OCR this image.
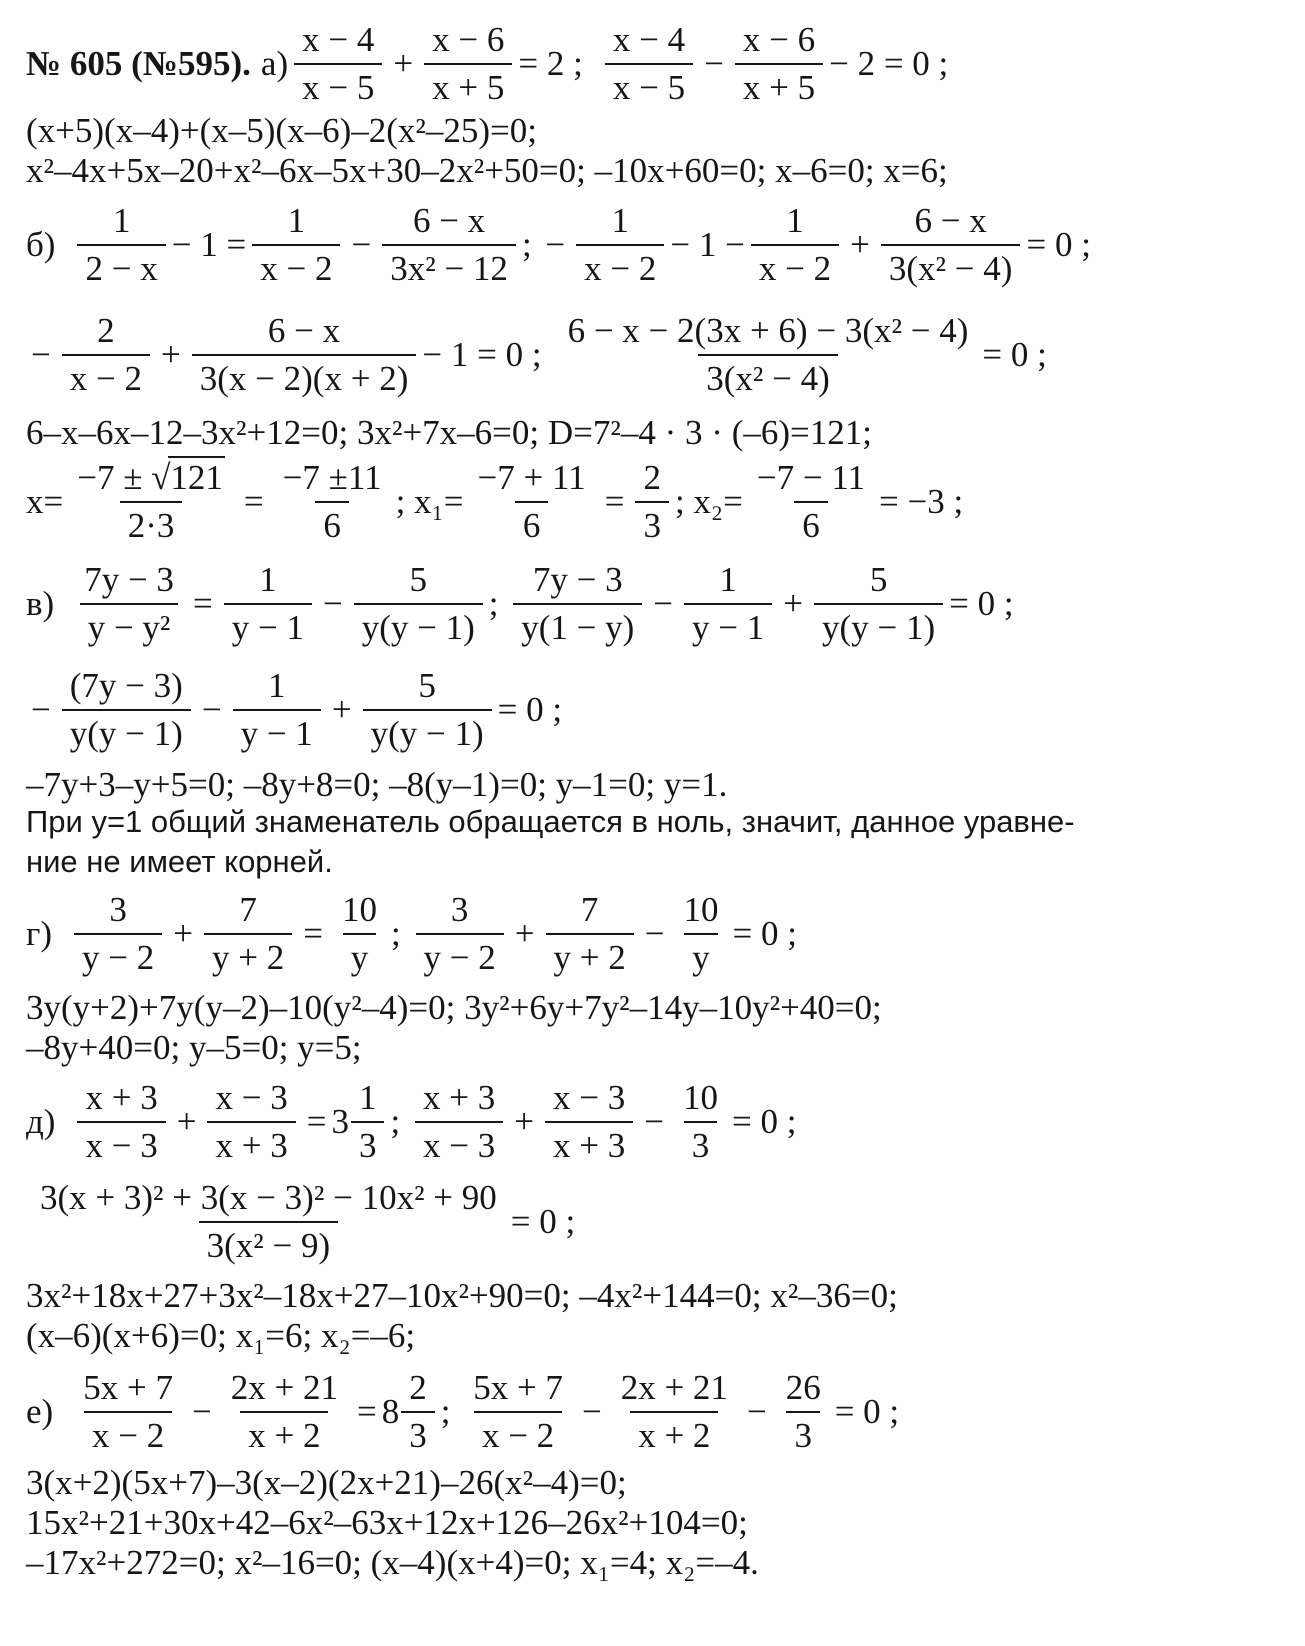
№ 605 (№595). $а) \frac{x - 4}{x - 5} + \frac{x - 6}{x + 5} = 2$ ; $\frac{x - 4}{x - 5} - \frac{x - 6}{x + 5} - 2 = 0$ ;
(x+5)(x–4)+(x–5)(x–6)–2(x²–25)=0;
x²–4x+5x–20+x²–6x–5x+30–2x²+50=0; –10x+60=0; x–6=0; x=6;
$б) \frac{1}{2 - x} - 1 = \frac{1}{x - 2} - \frac{6 - x}{\text{3x² − 12}}$ ; − $\frac{1}{x - 2} - 1 - \frac{1}{x - 2} + \frac{6 - x}{\text{3(x² − 4)}} = 0$ ;
− $\frac{2}{x - 2} + \frac{6 - x}{3(x - 2)(x + 2)} - 1 = 0$ ; $\frac{\text{6 − x − 2(3x + 6) − 3(x² − 4)}}{\text{3(x² − 4)}} = 0$ ;
6–x–6x–12–3x²+12=0; 3x²+7x–6=0; D=7²–4 · 3 · (–6)=121;
$x= \frac{-7 \pm √121}{2\cdot 3} = \frac{-7 \pm 11}{6}$ ; $x_1= \frac{-7 + 11}{6} = \frac{2}{3}$ ; $x_2= \frac{-7 - 11}{6} = -3$ ;
$в) \frac{7y - 3}{\text{y − y²}} = \frac{1}{y - 1} - \frac{5}{y(y - 1)}$ ; $\frac{7y - 3}{y(1 - y)} - \frac{1}{y - 1} + \frac{5}{y(y - 1)} = 0$ ;
− $\frac{(7y - 3)}{y(y - 1)} - \frac{1}{y - 1} + \frac{5}{y(y - 1)} = 0$ ;
–7y+3–y+5=0; –8y+8=0; –8(y–1)=0; y–1=0; y=1.
При y=1 общий знаменатель обращается в ноль, значит, данное уравне-
ние не имеет корней.
$г) \frac{3}{y - 2} + \frac{7}{y + 2} = \frac{10}{y}$ ; $\frac{3}{y - 2} + \frac{7}{y + 2} - \frac{10}{y} = 0$ ;
3y(y+2)+7y(y–2)–10(y²–4)=0; 3y²+6y+7y²–14y–10y²+40=0;
–8y+40=0; y–5=0; y=5;
$д) \frac{x + 3}{x - 3} + \frac{x - 3}{x + 3} = 3 \frac{1}{3}$ ; $\frac{x + 3}{x - 3} + \frac{x - 3}{x + 3} - \frac{10}{3} = 0$ ;
$\frac{\text{3(x + 3)² + 3(x − 3)² − 10x² + 90}}{\text{3(x² − 9)}} = 0$ ;
3x²+18x+27+3x²–18x+27–10x²+90=0; –4x²+144=0; x²–36=0;
(x–6)(x+6)=0; x₁=6; x₂=–6;
$е) \frac{5x + 7}{x - 2} - \frac{2x + 21}{x + 2} = 8 \frac{2}{3}$ ; $\frac{5x + 7}{x - 2} - \frac{2x + 21}{x + 2} - \frac{26}{3} = 0$ ;
3(x+2)(5x+7)–3(x–2)(2x+21)–26(x²–4)=0;
15x²+21+30x+42–6x²–63x+12x+126–26x²+104=0;
–17x²+272=0; x²–16=0; (x–4)(x+4)=0; x₁=4; x₂=–4.
